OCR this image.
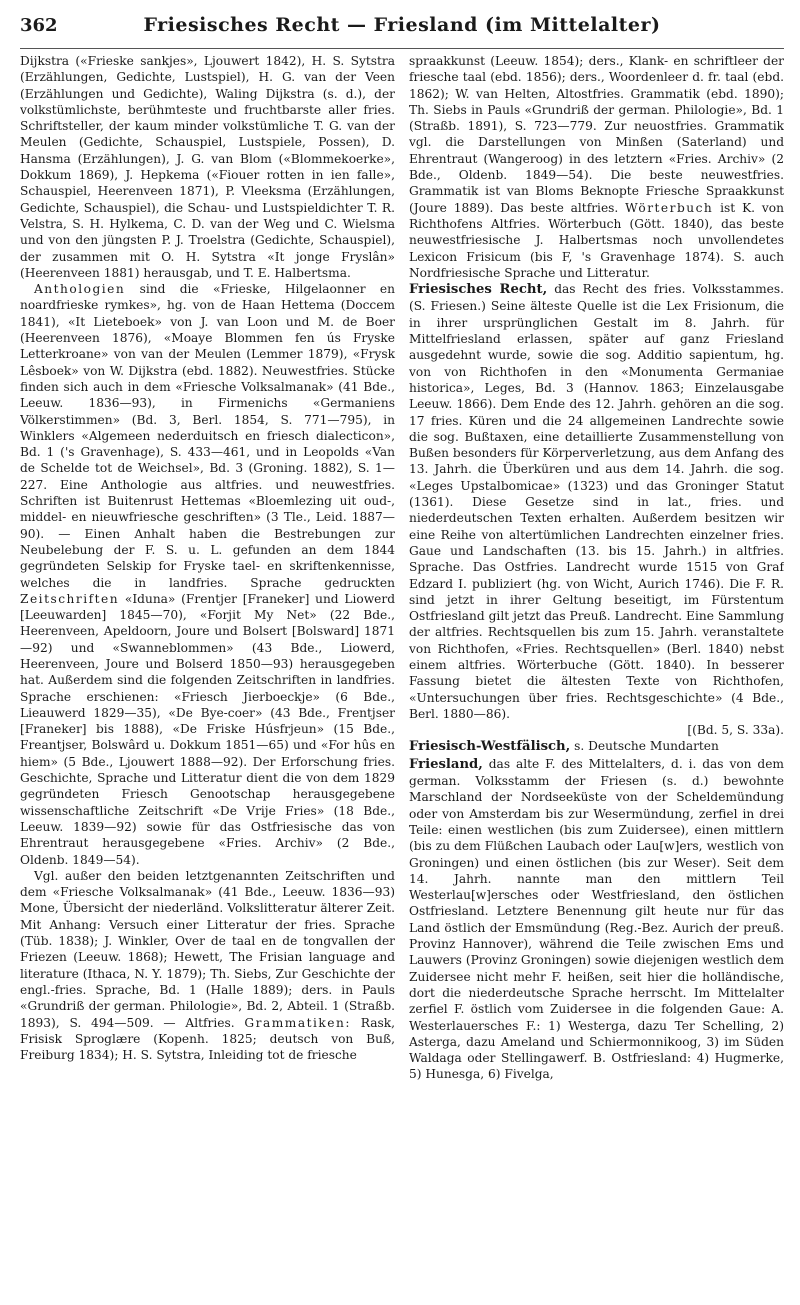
362	Friesisches Recht — Friesland (im Mittelalter)

Dijkstra («Frieske sankjes», Ljouwert 1842), H. S. Sytstra (Erzählungen, Gedichte, Lustspiel), H. G. van der Veen (Erzählungen und Gedichte), Waling Dijkstra (s. d.), der volkstümlichste, berühmteste und fruchtbarste aller fries. Schriftsteller, der kaum minder volkstümliche T. G. van der Meulen (Gedichte, Schauspiel, Lustspiele, Possen), D. Hansma (Erzählungen), J. G. van Blom («Blommekoerke», Dokkum 1869), J. Hepkema («Fiouer rotten in ien falle», Schauspiel, Heerenveen 1871), P. Vleeksma (Erzählungen, Gedichte, Schauspiel), die Schau- und Lustspieldichter T. R. Velstra, S. H. Hylkema, C. D. van der Weg und C. Wielsma und von den jüngsten P. J. Troelstra (Gedichte, Schauspiel), der zusammen mit O. H. Sytstra «It jonge Fryslân» (Heerenveen 1881) herausgab, und T. E. Halbertsma.

Anthologien sind die «Frieske, Hilgelaonner en noardfrieske rymkes», hg. von de Haan Hettema (Doccem 1841), «It Lieteboek» von J. van Loon und M. de Boer (Heerenveen 1876), «Moaye Blommen fen ús Fryske Letterkroane» von van der Meulen (Lemmer 1879), «Frysk Lêsboek» von W. Dijkstra (ebd. 1882). Neuwestfries. Stücke finden sich auch in dem «Friesche Volksalmanak» (41 Bde., Leeuw. 1836—93), in Firmenichs «Germaniens Völkerstimmen» (Bd. 3, Berl. 1854, S. 771—795), in Winklers «Algemeen nederduitsch en friesch dialecticon», Bd. 1 ('s Gravenhage), S. 433—461, und in Leopolds «Van de Schelde tot de Weichsel», Bd. 3 (Groning. 1882), S. 1—227. Eine Anthologie aus altfries. und neuwestfries. Schriften ist Buitenrust Hettemas «Bloemlezing uit oud-, middel- en nieuwfriesche geschriften» (3 Tle., Leid. 1887—90). — Einen Anhalt haben die Bestrebungen zur Neubelebung der F. S. u. L. gefunden an dem 1844 gegründeten Selskip for Fryske tael- en skriftenkennisse, welches die in landfries. Sprache gedruckten Zeitschriften «Iduna» (Frentjer [Franeker] und Liowerd [Leeuwarden] 1845—70), «Forjit My Net» (22 Bde., Heerenveen, Apeldoorn, Joure und Bolsert [Bolsward] 1871—92) und «Swanneblommen» (43 Bde., Liowerd, Heerenveen, Joure und Bolserd 1850—93) herausgegeben hat. Außerdem sind die folgenden Zeitschriften in landfries. Sprache erschienen: «Friesch Jierboeckje» (6 Bde., Lieauwerd 1829—35), «De Bye-coer» (43 Bde., Frentjser [Franeker] bis 1888), «De Friske Húsfrjeun» (15 Bde., Freantjser, Bolswârd u. Dokkum 1851—65) und «For hûs en hiem» (5 Bde., Ljouwert 1888—92). Der Erforschung fries. Geschichte, Sprache und Litteratur dient die von dem 1829 gegründeten Friesch Genootschap herausgegebene wissenschaftliche Zeitschrift «De Vrije Fries» (18 Bde., Leeuw. 1839—92) sowie für das Ostfriesische das von Ehrentraut herausgegebene «Fries. Archiv» (2 Bde., Oldenb. 1849—54).

Vgl. außer den beiden letztgenannten Zeitschriften und dem «Friesche Volksalmanak» (41 Bde., Leeuw. 1836—93) Mone, Übersicht der niederländ. Volkslitteratur älterer Zeit. Mit Anhang: Versuch einer Litteratur der fries. Sprache (Tüb. 1838); J. Winkler, Over de taal en de tongvallen der Friezen (Leeuw. 1868); Hewett, The Frisian language and literature (Ithaca, N. Y. 1879); Th. Siebs, Zur Geschichte der engl.-fries. Sprache, Bd. 1 (Halle 1889); ders. in Pauls «Grundriß der german. Philologie», Bd. 2, Abteil. 1 (Straßb. 1893), S. 494—509. — Altfries. Grammatiken: Rask, Frisisk Sproglære (Kopenh. 1825; deutsch von Buß, Freiburg 1834); H. S. Sytstra, Inleiding tot de friesche

spraakkunst (Leeuw. 1854); ders., Klank- en schriftleer der friesche taal (ebd. 1856); ders., Woordenleer d. fr. taal (ebd. 1862); W. van Helten, Altostfries. Grammatik (ebd. 1890); Th. Siebs in Pauls «Grundriß der german. Philologie», Bd. 1 (Straßb. 1891), S. 723—779. Zur neuostfries. Grammatik vgl. die Darstellungen von Minßen (Saterland) und Ehrentraut (Wangeroog) in des letztern «Fries. Archiv» (2 Bde., Oldenb. 1849—54). Die beste neuwestfries. Grammatik ist van Bloms Beknopte Friesche Spraakkunst (Joure 1889). Das beste altfries. Wörterbuch ist K. von Richthofens Altfries. Wörterbuch (Gött. 1840), das beste neuwestfriesische J. Halbertsmas noch unvollendetes Lexicon Frisicum (bis F, 's Gravenhage 1874). S. auch Nordfriesische Sprache und Litteratur.

Friesisches Recht, das Recht des fries. Volksstammes. (S. Friesen.) Seine älteste Quelle ist die Lex Frisionum, die in ihrer ursprünglichen Gestalt im 8. Jahrh. für Mittelfriesland erlassen, später auf ganz Friesland ausgedehnt wurde, sowie die sog. Additio sapientum, hg. von von Richthofen in den «Monumenta Germaniae historica», Leges, Bd. 3 (Hannov. 1863; Einzelausgabe Leeuw. 1866). Dem Ende des 12. Jahrh. gehören an die sog. 17 fries. Küren und die 24 allgemeinen Landrechte sowie die sog. Bußtaxen, eine detaillierte Zusammenstellung von Bußen besonders für Körperverletzung, aus dem Anfang des 13. Jahrh. die Überküren und aus dem 14. Jahrh. die sog. «Leges Upstalbomicae» (1323) und das Groninger Statut (1361). Diese Gesetze sind in lat., fries. und niederdeutschen Texten erhalten. Außerdem besitzen wir eine Reihe von altertümlichen Landrechten einzelner fries. Gaue und Landschaften (13. bis 15. Jahrh.) in altfries. Sprache. Das Ostfries. Landrecht wurde 1515 von Graf Edzard I. publiziert (hg. von Wicht, Aurich 1746). Die F. R. sind jetzt in ihrer Geltung beseitigt, im Fürstentum Ostfriesland gilt jetzt das Preuß. Landrecht. Eine Sammlung der altfries. Rechtsquellen bis zum 15. Jahrh. veranstaltete von Richthofen, «Fries. Rechtsquellen» (Berl. 1840) nebst einem altfries. Wörterbuche (Gött. 1840). In besserer Fassung bietet die ältesten Texte von Richthofen, «Untersuchungen über fries. Rechtsgeschichte» (4 Bde., Berl. 1880—86).
[(Bd. 5, S. 33a).

Friesisch-Westfälisch, s. Deutsche Mundarten

Friesland, das alte F. des Mittelalters, d. i. das von dem german. Volksstamm der Friesen (s. d.) bewohnte Marschland der Nordseeküste von der Scheldemündung oder von Amsterdam bis zur Wesermündung, zerfiel in drei Teile: einen westlichen (bis zum Zuidersee), einen mittlern (bis zu dem Flüßchen Laubach oder Lau[w]ers, westlich von Groningen) und einen östlichen (bis zur Weser). Seit dem 14. Jahrh. nannte man den mittlern Teil Westerlau[w]ersches oder Westfriesland, den östlichen Ostfriesland. Letztere Benennung gilt heute nur für das Land östlich der Emsmündung (Reg.-Bez. Aurich der preuß. Provinz Hannover), während die Teile zwischen Ems und Lauwers (Provinz Groningen) sowie diejenigen westlich dem Zuidersee nicht mehr F. heißen, seit hier die holländische, dort die niederdeutsche Sprache herrscht. Im Mittelalter zerfiel F. östlich vom Zuidersee in die folgenden Gaue: A. Westerlauersches F.: 1) Westerga, dazu Ter Schelling, 2) Asterga, dazu Ameland und Schiermonnikoog, 3) im Süden Waldaga oder Stellingawerf. B. Ostfriesland: 4) Hugmerke, 5) Hunesga, 6) Fivelga,
